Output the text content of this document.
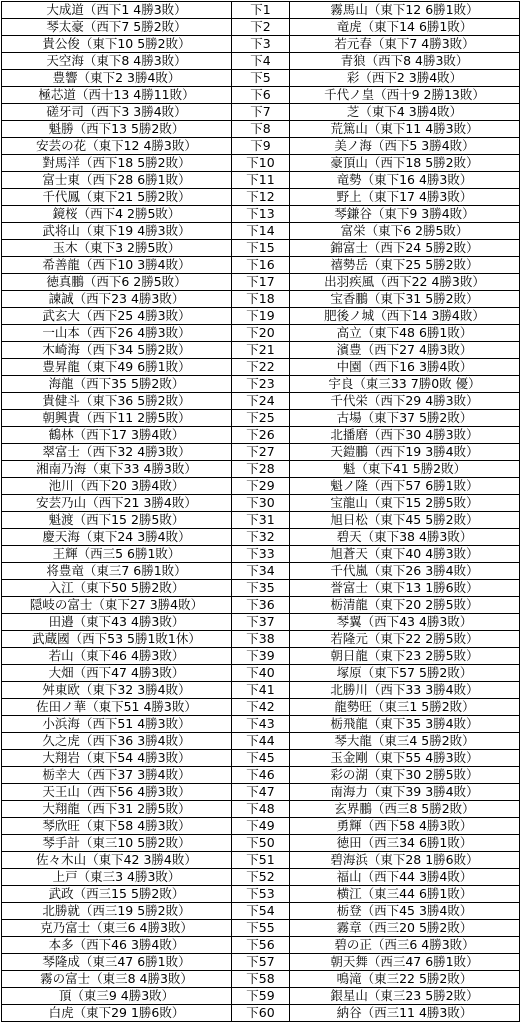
大成道（西下1 4勝3敗）	下1	霧馬山（東下12 6勝1敗）
琴太豪（西下7 5勝2敗）	下2	竜虎（東下14 6勝1敗）
貴公俊（東下10 5勝2敗）	下3	若元春（東下7 4勝3敗）
天空海（東下8 4勝3敗）	下4	青狼（西下8 4勝3敗）
豊響（東下2 3勝4敗）	下5	彩（西下2 3勝4敗）
極芯道（西十13 4勝11敗）	下6	千代ノ皇（西十9 2勝13敗）
磋牙司（西下3 3勝4敗）	下7	芝（東下4 3勝4敗）
魁勝（西下13 5勝2敗）	下8	荒篤山（東下11 4勝3敗）
安芸の花（東下12 4勝3敗）	下9	美ノ海（西下5 3勝4敗）
對馬洋（西下18 5勝2敗）	下10	豪頂山（西下18 5勝2敗）
富士東（西下28 6勝1敗）	下11	竜勢（東下16 4勝3敗）
千代鳳（東下21 5勝2敗）	下12	野上（東下17 4勝3敗）
鏡桜（西下4 2勝5敗）	下13	琴鎌谷（東下9 3勝4敗）
武将山（東下19 4勝3敗）	下14	富栄（東下6 2勝5敗）
玉木（東下3 2勝5敗）	下15	錦富士（西下24 5勝2敗）
希善龍（西下10 3勝4敗）	下16	禧勢岳（東下25 5勝2敗）
徳真鵬（西下6 2勝5敗）	下17	出羽疾風（西下22 4勝3敗）
諫誠（西下23 4勝3敗）	下18	宝香鵬（東下31 5勝2敗）
武玄大（西下25 4勝3敗）	下19	肥後ノ城（西下14 3勝4敗）
一山本（西下26 4勝3敗）	下20	高立（東下48 6勝1敗）
木崎海（西下34 5勝2敗）	下21	濱豊（西下27 4勝3敗）
豊昇龍（東下49 6勝1敗）	下22	中園（西下16 3勝4敗）
海龍（西下35 5勝2敗）	下23	宇良（東三33 7勝0敗 優）
貴健斗（東下36 5勝2敗）	下24	千代栄（西下29 4勝3敗）
朝興貴（西下11 2勝5敗）	下25	古場（東下37 5勝2敗）
鶴林（西下17 3勝4敗）	下26	北播磨（西下30 4勝3敗）
翠富士（西下32 4勝3敗）	下27	天鎧鵬（西下19 3勝4敗）
湘南乃海（東下33 4勝3敗）	下28	魁（東下41 5勝2敗）
池川（西下20 3勝4敗）	下29	魁ノ隆（西下57 6勝1敗）
安芸乃山（西下21 3勝4敗）	下30	宝龍山（東下15 2勝5敗）
魁渡（西下15 2勝5敗）	下31	旭日松（東下45 5勝2敗）
慶天海（東下24 3勝4敗）	下32	碧天（東下38 4勝3敗）
王輝（西三5 6勝1敗）	下33	旭蒼天（東下40 4勝3敗）
将豊竜（東三7 6勝1敗）	下34	千代嵐（東下26 3勝4敗）
入江（東下50 5勝2敗）	下35	誉富士（東下13 1勝6敗）
隠岐の富士（東下27 3勝4敗）	下36	栃清龍（東下20 2勝5敗）
田邉（東下43 4勝3敗）	下37	琴翼（西下43 4勝3敗）
武蔵國（西下53 5勝1敗1休）	下38	若隆元（東下22 2勝5敗）
若山（東下46 4勝3敗）	下39	朝日龍（東下23 2勝5敗）
大畑（西下47 4勝3敗）	下40	塚原（東下57 5勝2敗）
舛東欧（東下32 3勝4敗）	下41	北勝川（西下33 3勝4敗）
佐田ノ華（東下51 4勝3敗）	下42	龍勢旺（東三1 5勝2敗）
小浜海（西下51 4勝3敗）	下43	栃飛龍（東下35 3勝4敗）
久之虎（西下36 3勝4敗）	下44	琴大龍（東三4 5勝2敗）
大翔岩（東下54 4勝3敗）	下45	玉金剛（東下55 4勝3敗）
栃幸大（西下37 3勝4敗）	下46	彩の湖（東下30 2勝5敗）
天王山（西下56 4勝3敗）	下47	南海力（東下39 3勝4敗）
大翔龍（西下31 2勝5敗）	下48	玄界鵬（西三8 5勝2敗）
琴欣旺（東下58 4勝3敗）	下49	勇輝（西下58 4勝3敗）
琴手計（東三10 5勝2敗）	下50	徳田（西三34 6勝1敗）
佐々木山（東下42 3勝4敗）	下51	碧海浜（東下28 1勝6敗）
上戸（東三3 4勝3敗）	下52	福山（西下44 3勝4敗）
武政（西三15 5勝2敗）	下53	横江（東三44 6勝1敗）
北勝就（西三19 5勝2敗）	下54	栃登（西下45 3勝4敗）
克乃富士（東三6 4勝3敗）	下55	霧章（西三20 5勝2敗）
本多（西下46 3勝4敗）	下56	碧の正（西三6 4勝3敗）
琴隆成（東三47 6勝1敗）	下57	朝天舞（西三47 6勝1敗）
霧の富士（東三8 4勝3敗）	下58	鳴滝（東三22 5勝2敗）
頂（東三9 4勝3敗）	下59	銀星山（東三23 5勝2敗）
白虎（東下29 1勝6敗）	下60	納谷（西三11 4勝3敗）
